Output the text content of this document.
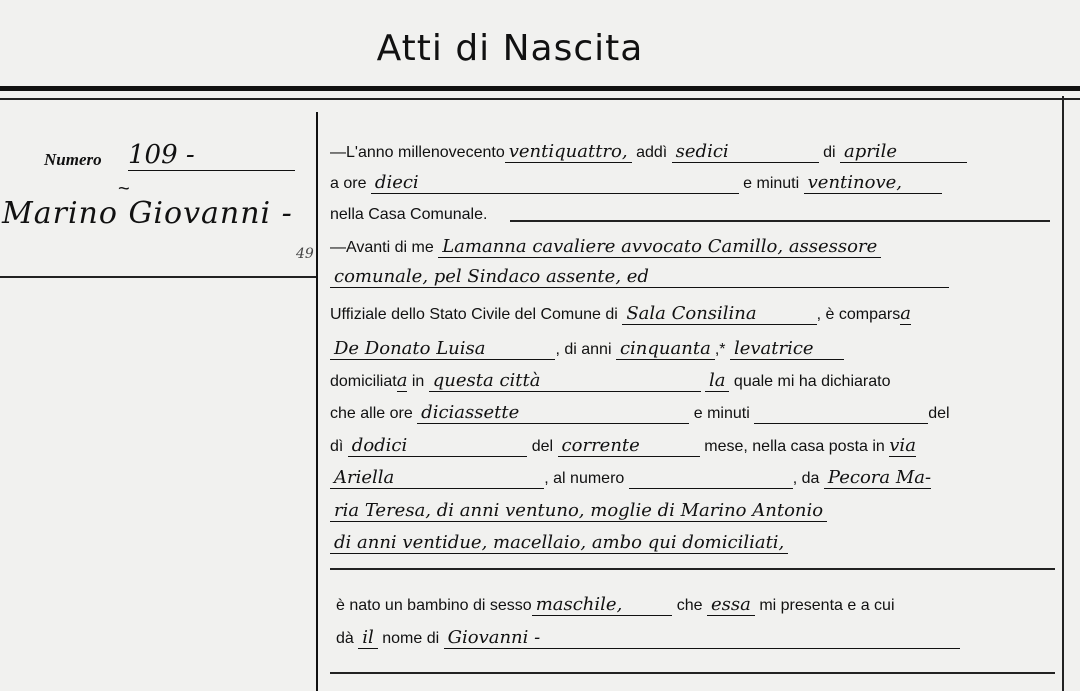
Atti di Nascita
Numero 109 -
~
Marino Giovanni -
49
—L'anno millenovecento ventiquattro, addì sedici	di aprile
a ore dieci	e minuti ventinove,
nella Casa Comunale.
—Avanti di me Lamanna cavaliere avvocato Camillo, assessore
comunale, pel Sindaco assente, ed
Uffiziale dello Stato Civile del Comune di Sala Consilina	, è comparsa
De Donato Luisa	, di anni cinquanta ,* levatrice
domiciliata in questa città	la quale mi ha dichiarato
che alle ore diciassette	e minuti	del
dì dodici	del corrente	mese, nella casa posta in via
Ariella	, al numero	, da Pecora Ma-
ria Teresa, di anni ventuno, moglie di Marino Antonio
di anni ventidue, macellaio, ambo qui domiciliati,
è nato un bambino di sesso maschile,	che essa mi presenta e a cui
dà il nome di Giovanni -
